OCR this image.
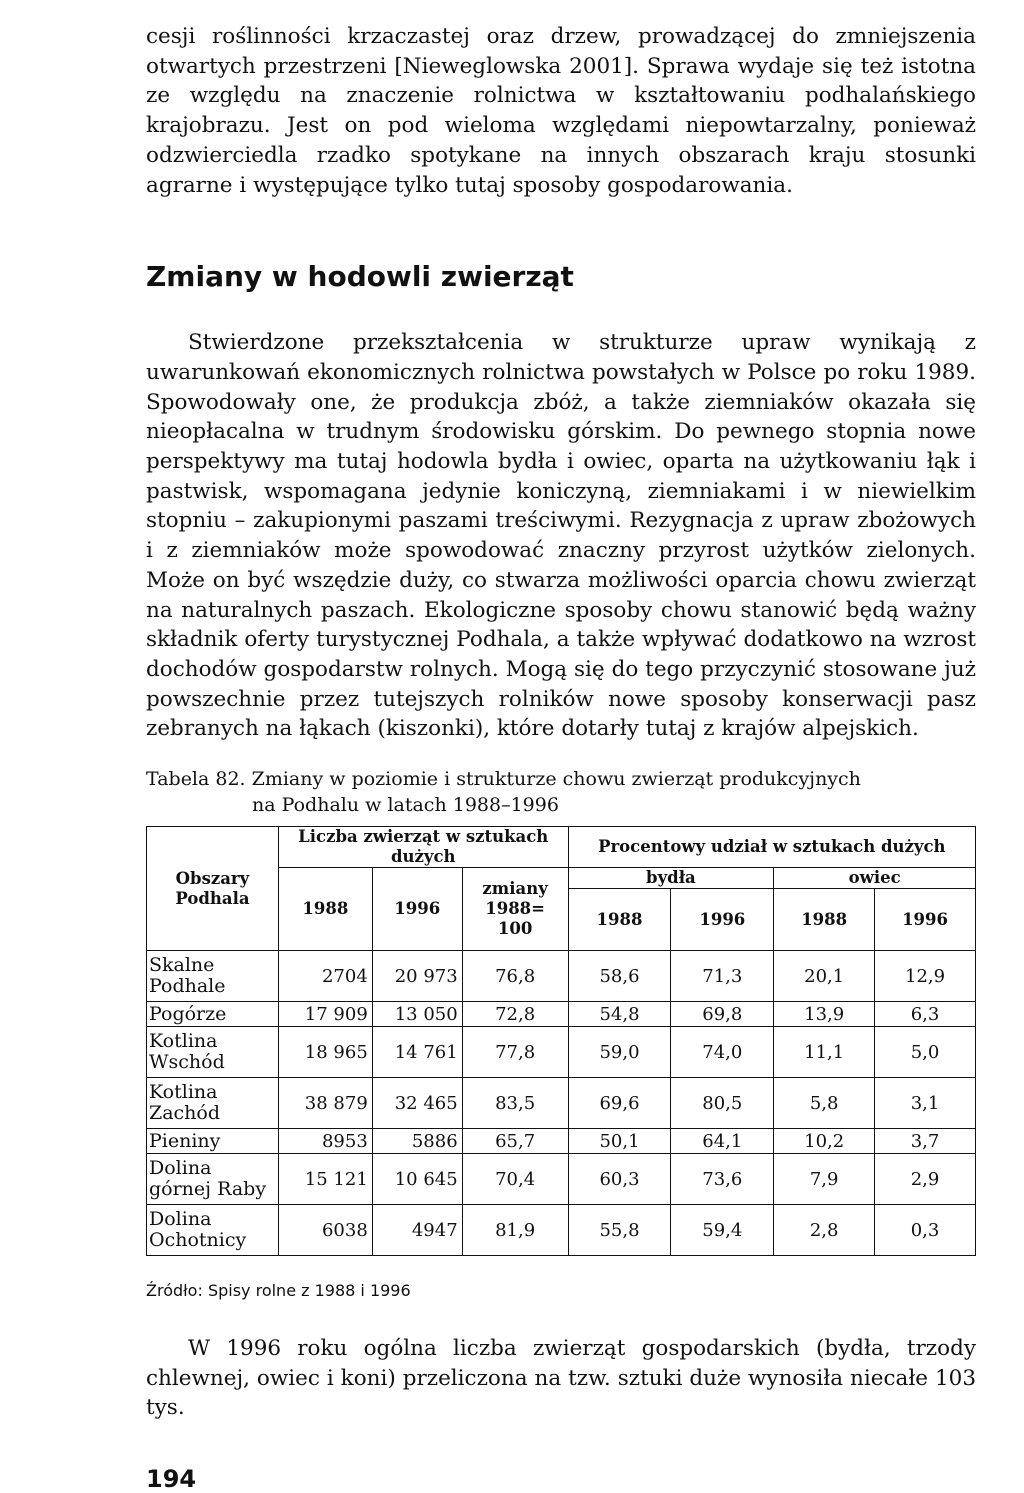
cesji roślinności krzaczastej oraz drzew, prowadzącej do zmniejszenia otwartych przestrzeni [Nieweglowska 2001]. Sprawa wydaje się też istotna ze względu na znaczenie rolnictwa w kształtowaniu podhalańskiego krajobrazu. Jest on pod wieloma względami niepowtarzalny, ponieważ odzwierciedla rzadko spotykane na innych obszarach kraju stosunki agrarne i występujące tylko tutaj sposoby gospodarowania.

Zmiany w hodowli zwierząt

Stwierdzone przekształcenia w strukturze upraw wynikają z uwarunkowań ekonomicznych rolnictwa powstałych w Polsce po roku 1989. Spowodowały one, że produkcja zbóż, a także ziemniaków okazała się nieopłacalna w trudnym środowisku górskim. Do pewnego stopnia nowe perspektywy ma tutaj hodowla bydła i owiec, oparta na użytkowaniu łąk i pastwisk, wspomagana jedynie koniczyną, ziemniakami i w niewielkim stopniu – zakupionymi paszami treściwymi. Rezygnacja z upraw zbożowych i z ziemniaków może spowodować znaczny przyrost użytków zielonych. Może on być wszędzie duży, co stwarza możliwości oparcia chowu zwierząt na naturalnych paszach. Ekologiczne sposoby chowu stanowić będą ważny składnik oferty turystycznej Podhala, a także wpływać dodatkowo na wzrost dochodów gospodarstw rolnych. Mogą się do tego przyczynić stosowane już powszechnie przez tutejszych rolników nowe sposoby konserwacji pasz zebranych na łąkach (kiszonki), które dotarły tutaj z krajów alpejskich.

Tabela 82. Zmiany w poziomie i strukturze chowu zwierząt produkcyjnych
na Podhalu w latach 1988–1996
Obszary Podhala	Liczba zwierząt w sztukach dużych			Procentowy udział w sztukach dużych			
	1988	1996	zmiany 1988= 100	bydła		owiec	
				1988	1996	1988	1996
Skalne Podhale	2704	20 973	76,8	58,6	71,3	20,1	12,9
Pogórze	17 909	13 050	72,8	54,8	69,8	13,9	6,3
Kotlina Wschód	18 965	14 761	77,8	59,0	74,0	11,1	5,0
Kotlina Zachód	38 879	32 465	83,5	69,6	80,5	5,8	3,1
Pieniny	8953	5886	65,7	50,1	64,1	10,2	3,7
Dolina górnej Raby	15 121	10 645	70,4	60,3	73,6	7,9	2,9
Dolina Ochotnicy	6038	4947	81,9	55,8	59,4	2,8	0,3

Źródło: Spisy rolne z 1988 i 1996

W 1996 roku ogólna liczba zwierząt gospodarskich (bydła, trzody chlewnej, owiec i koni) przeliczona na tzw. sztuki duże wynosiła niecałe 103 tys.

194
